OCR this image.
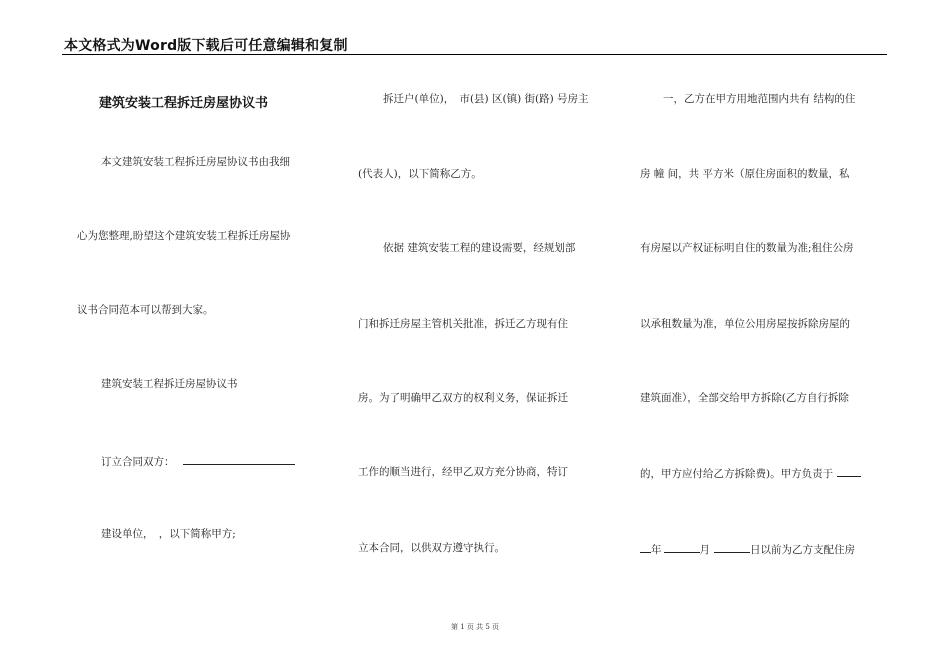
本文格式为Word版下载后可任意编辑和复制
建筑安装工程拆迁房屋协议书
本文建筑安装工程拆迁房屋协议书由我细
心为您整理,盼望这个建筑安装工程拆迁房屋协
议书合同范本可以帮到大家。
建筑安装工程拆迁房屋协议书
订立合同双方：
建设单位，　，以下简称甲方;
拆迁户(单位)，　市(县) 区(镇) 街(路) 号房主
(代表人)，以下简称乙方。
依据 建筑安装工程的建设需要，经规划部
门和拆迁房屋主管机关批准，拆迁乙方现有住
房。为了明确甲乙双方的权利义务，保证拆迁
工作的顺当进行，经甲乙双方充分协商，特订
立本合同，以供双方遵守执行。
一，乙方在甲方用地范围内共有 结构的住
房 幢 间，共 平方米（原住房面积的数量，私
有房屋以产权证标明自住的数量为准;租住公房
以承租数量为准，单位公用房屋按拆除房屋的
建筑面准），全部交给甲方拆除(乙方自行拆除
的，甲方应付给乙方拆除费)。甲方负责于
年	月	日以前为乙方支配住房
第 1 页 共 5 页
